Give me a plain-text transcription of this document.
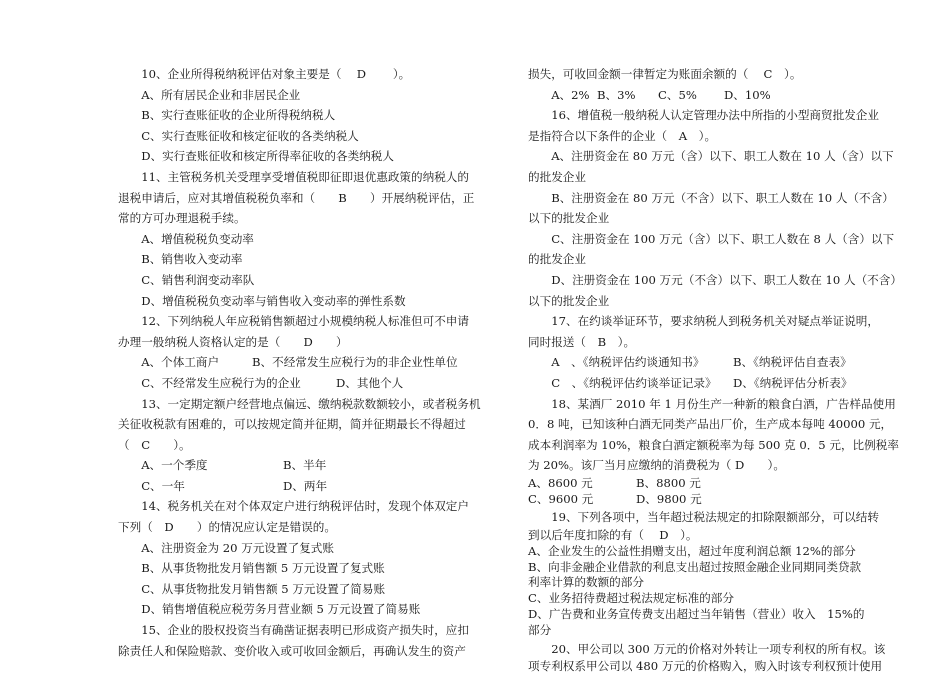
　　10、企业所得税纳税评估对象主要是（　 D　 　）。
　　A、所有居民企业和非居民企业
　　B、实行查账征收的企业所得税纳税人
　　C、实行查账征收和核定征收的各类纳税人
　　D、实行查账征收和核定所得率征收的各类纳税人
　　11、主管税务机关受理享受增值税即征即退优惠政策的纳税人的
退税申请后，应对其增值税税负率和（　　B　　）开展纳税评估，正
常的方可办理退税手续。
　　A、增值税税负变动率
　　B、销售收入变动率
　　C、销售利润变动率队
　　D、增值税税负变动率与销售收入变动率的弹性系数
　　12、下列纳税人年应税销售额超过小规模纳税人标准但可不申请
办理一般纳税人资格认定的是（　　D　　）
　　A、个体工商户	B、不经常发生应税行为的非企业性单位
　　C、不经常发生应税行为的企业	D、其他个人
　　13、一定期定额户经营地点偏远、缴纳税款数额较小，或者税务机
关征收税款有困难的，可以按规定简并征期，简并征期最长不得超过
（　C　　）。
　　A、一个季度	B、半年
　　C、一年	D、两年
　　14、税务机关在对个体双定户进行纳税评估时，发现个体双定户
下列（　D　　）的情况应认定是错误的。
　　A、注册资金为 20 万元设置了复式账
　　B、从事货物批发月销售额 5 万元设置了复式账
　　C、从事货物批发月销售额 5 万元设置了简易账
　　D、销售增值税应税劳务月营业额 5 万元设置了简易账
　　15、企业的股权投资当有确凿证据表明已形成资产损失时，应扣
除责任人和保险赔款、变价收入或可收回金额后，再确认发生的资产
损失，可收回金额一律暂定为账面余额的（　 C　）。
　　A、2% B、3% C、5% D、10%
　　16、增值税一般纳税人认定管理办法中所指的小型商贸批发企业
是指符合以下条件的企业（　A　）。
　　A、注册资金在 80 万元（含）以下、职工人数在 10 人（含）以下
的批发企业
　　B、注册资金在 80 万元（不含）以下、职工人数在 10 人（不含）
以下的批发企业
　　C、注册资金在 100 万元（含）以下、职工人数在 8 人（含）以下
的批发企业
　　D、注册资金在 100 万元（不含）以下、职工人数在 10 人（不含）
以下的批发企业
　　17、在约谈举证环节，要求纳税人到税务机关对疑点举证说明，
同时报送（　B　）。
　　A　、《纳税评估约谈通知书》 B、《纳税评估自查表》
　　C　、《纳税评估约谈举证记录》 D、《纳税评估分析表》
　　18、某酒厂 2010 年 1 月份生产一种新的粮食白酒，广告样品使用
0．8 吨，已知该种白酒无同类产品出厂价，生产成本每吨 40000 元，
成本利润率为 10%，粮食白酒定额税率为每 500 克 0．5 元，比例税率
为 20%。该厂当月应缴纳的消费税为（ D　　）。
A、8600 元	B、8800 元
C、9600 元	D、9800 元
　　19、下列各项中，当年超过税法规定的扣除限额部分，可以结转
到以后年度扣除的有（　 D　）。
A、企业发生的公益性捐赠支出，超过年度利润总额 12%的部分
B、向非金融企业借款的利息支出超过按照金融企业同期同类贷款
利率计算的数额的部分
C、业务招待费超过税法规定标准的部分
D、广告费和业务宣传费支出超过当年销售（营业）收入　15%的
部分
　　20、甲公司以 300 万元的价格对外转让一项专利权的所有权。该
项专利权系甲公司以 480 万元的价格购入，购入时该专利权预计使用
